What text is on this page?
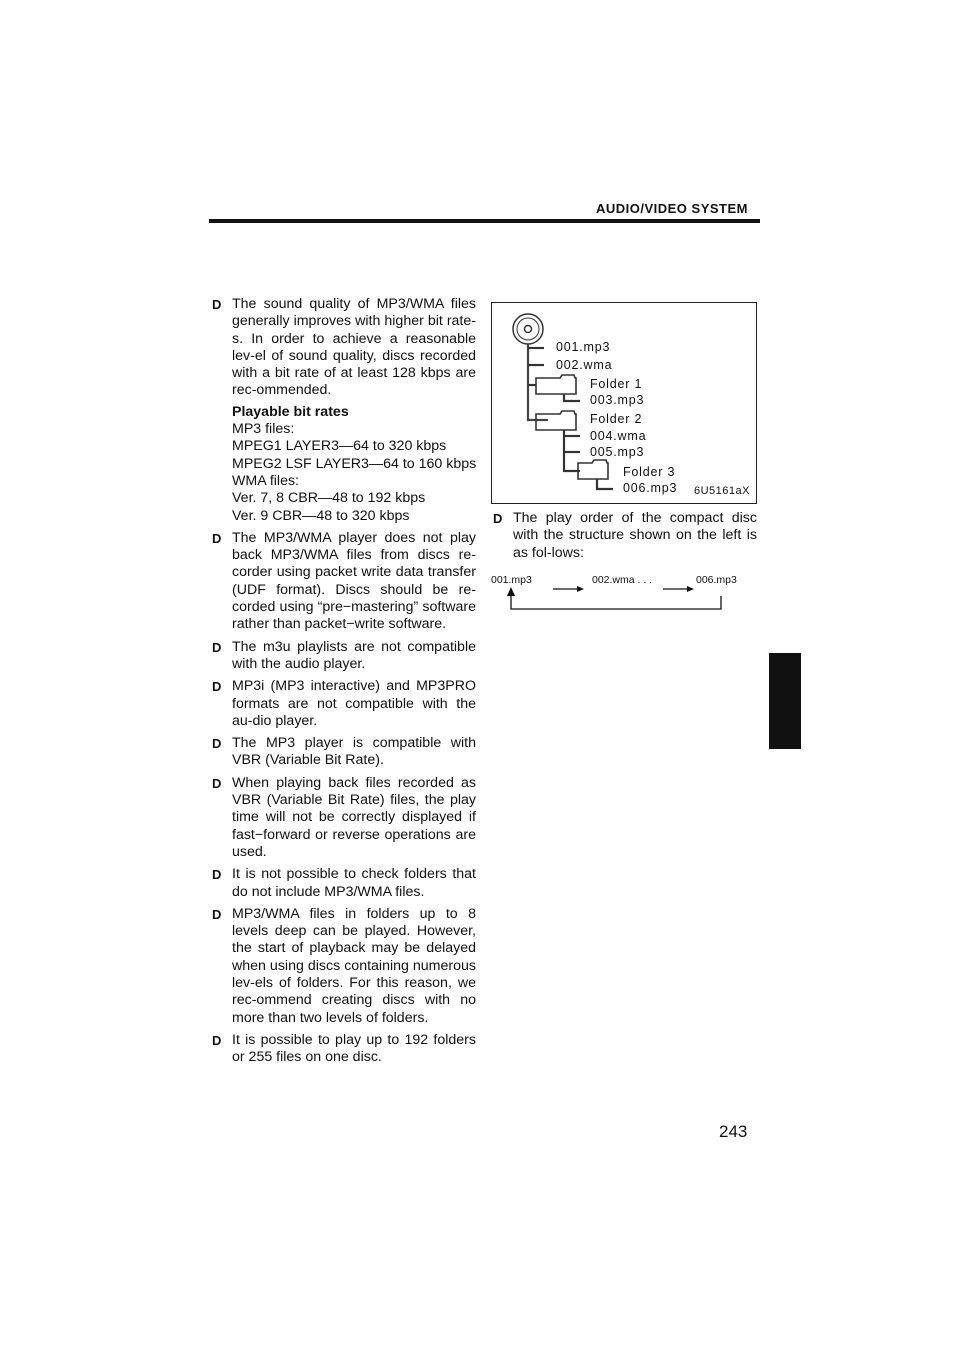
AUDIO/VIDEO SYSTEM
D The sound quality of MP3/WMA files generally improves with higher bit rate-s. In order to achieve a reasonable lev-el of sound quality, discs recorded with a bit rate of at least 128 kbps are rec-ommended.
Playable bit rates
MP3 files:
MPEG1 LAYER3—64 to 320 kbps
MPEG2 LSF LAYER3—64 to 160 kbps
WMA files:
Ver. 7, 8 CBR—48 to 192 kbps
Ver. 9 CBR—48 to 320 kbps
D The MP3/WMA player does not play back MP3/WMA files from discs re-corder using packet write data transfer (UDF format). Discs should be re-corded using “pre−mastering” software rather than packet−write software.
D The m3u playlists are not compatible with the audio player.
D MP3i (MP3 interactive) and MP3PRO formats are not compatible with the au-dio player.
D The MP3 player is compatible with VBR (Variable Bit Rate).
D When playing back files recorded as VBR (Variable Bit Rate) files, the play time will not be correctly displayed if fast−forward or reverse operations are used.
D It is not possible to check folders that do not include MP3/WMA files.
D MP3/WMA files in folders up to 8 levels deep can be played. However, the start of playback may be delayed when using discs containing numerous lev-els of folders. For this reason, we rec-ommend creating discs with no more than two levels of folders.
D It is possible to play up to 192 folders or 255 files on one disc.
001.mp3
002.wma
Folder 1
003.mp3
Folder 2
004.wma
005.mp3
Folder 3
006.mp3 6U5161aX
D The play order of the compact disc with the structure shown on the left is as fol-lows:
001.mp3	002.wma . . .	006.mp3
243
